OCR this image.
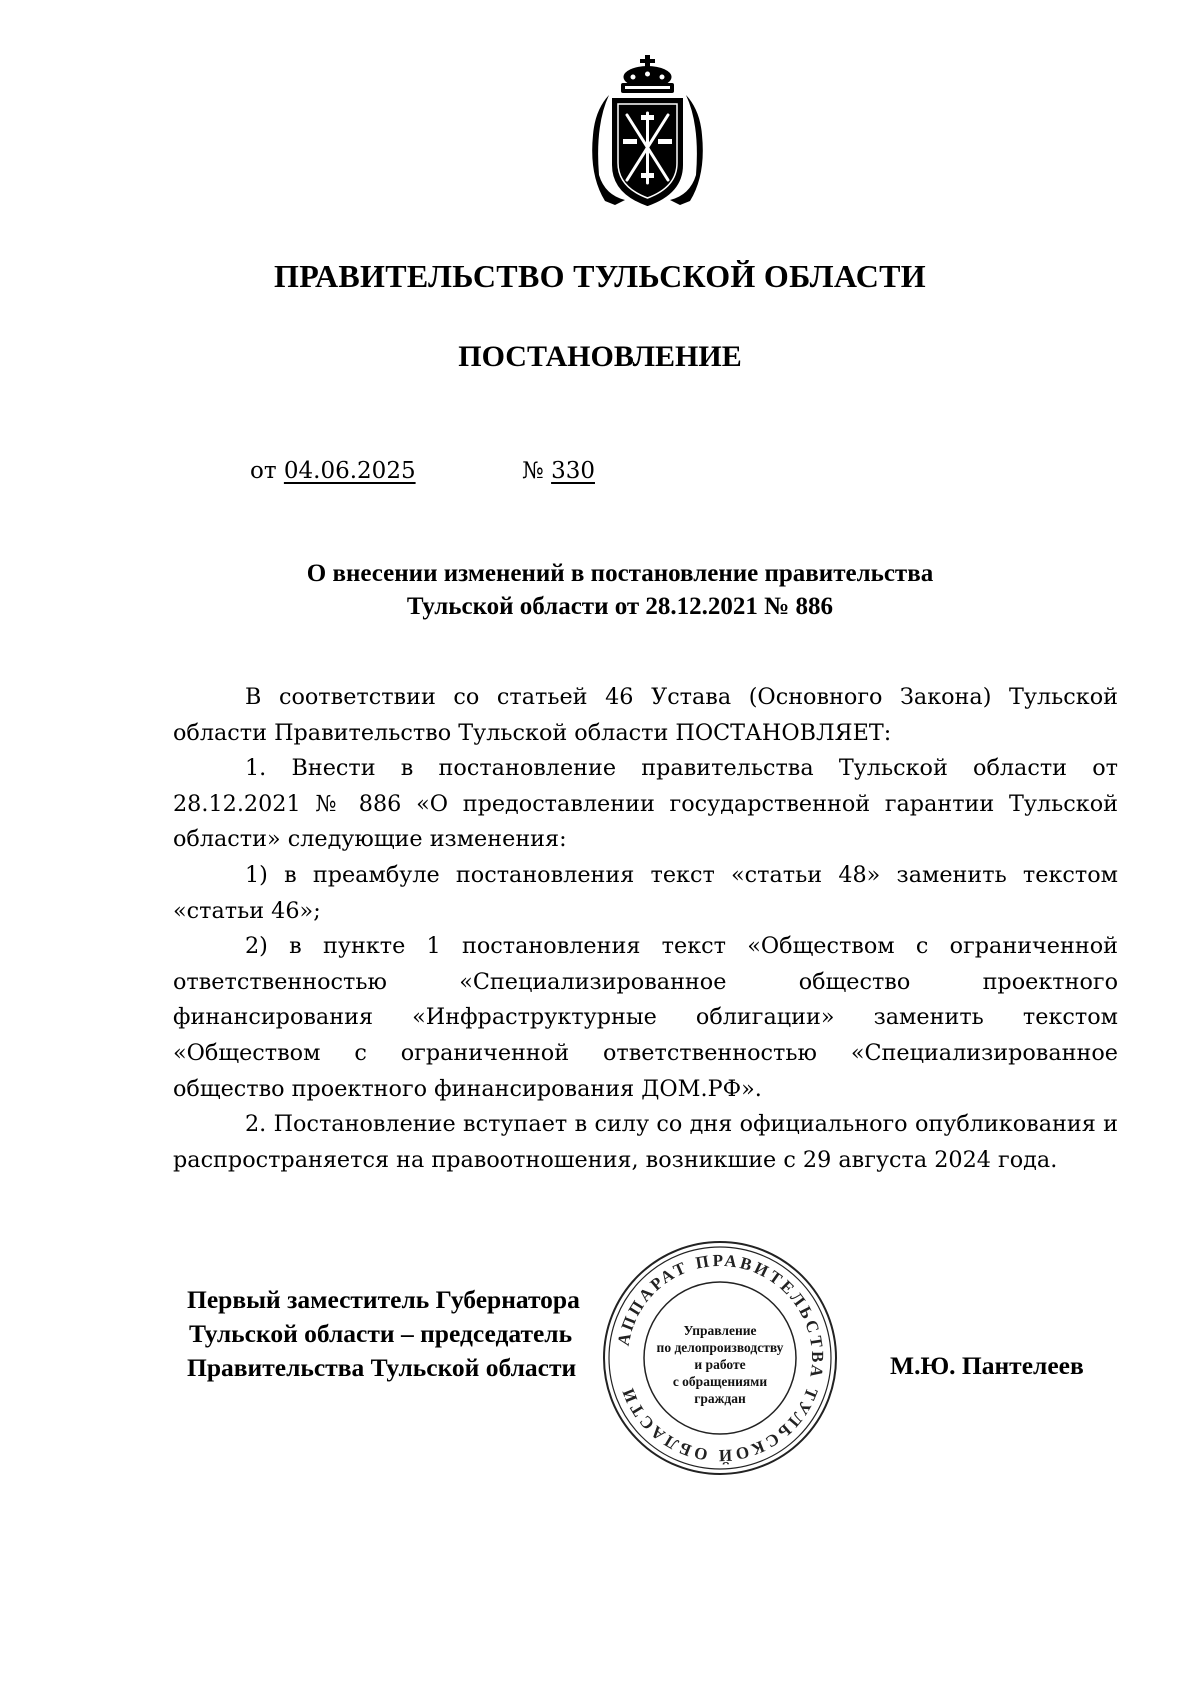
ПРАВИТЕЛЬСТВО ТУЛЬСКОЙ ОБЛАСТИ
ПОСТАНОВЛЕНИЕ
от 04.06.2025	№ 330
О внесении изменений в постановление правительства
Тульской области от 28.12.2021 № 886

В соответствии со статьей 46 Устава (Основного Закона) Тульской области Правительство Тульской области ПОСТАНОВЛЯЕТ:

1. Внести в постановление правительства Тульской области от 28.12.2021 № 886 «О предоставлении государственной гарантии Тульской области» следующие изменения:

1) в преамбуле постановления текст «статьи 48» заменить текстом «статьи 46»;

2) в пункте 1 постановления текст «Обществом с ограниченной ответственностью «Специализированное общество проектного финансирования «Инфраструктурные облигации» заменить текстом «Обществом с ограниченной ответственностью «Специализированное общество проектного финансирования ДОМ.РФ».

2. Постановление вступает в силу со дня официального опубликования и распространяется на правоотношения, возникшие с 29 августа 2024 года.

Первый заместитель Губернатора
Тульской области – председатель
Правительства Тульской области
АППАРАТ ПРАВИТЕЛЬСТВА ТУЛЬСКОЙ ОБЛАСТИ
Управление
по делопроизводству
и работе
с обращениями
граждан
М.Ю. Пантелеев
